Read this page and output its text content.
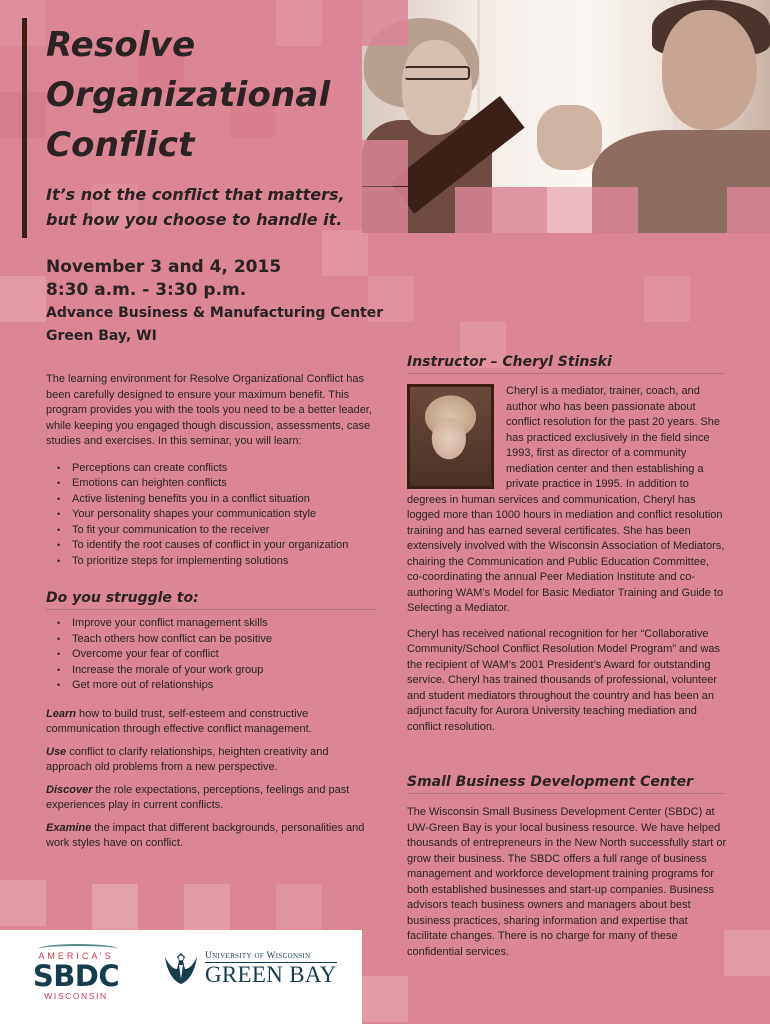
Resolve
Organizational
Conflict
It’s not the conflict that matters,
but how you choose to handle it.
November 3 and 4, 2015
8:30 a.m. - 3:30 p.m.
Advance Business & Manufacturing Center
Green Bay, WI

The learning environment for Resolve Organizational Conflict has been carefully designed to ensure your maximum benefit. This program provides you with the tools you need to be a better leader, while keeping you engaged though discussion, assessments, case studies and exercises. In this seminar, you will learn:

• Perceptions can create conflicts
• Emotions can heighten conflicts
• Active listening benefits you in a conflict situation
• Your personality shapes your communication style
• To fit your communication to the receiver
• To identify the root causes of conflict in your organization
• To prioritize steps for implementing solutions
Do you struggle to:
• Improve your conflict management skills
• Teach others how conflict can be positive
• Overcome your fear of conflict
• Increase the morale of your work group
• Get more out of relationships

Learn how to build trust, self-esteem and constructive communication through effective conflict management.

Use conflict to clarify relationships, heighten creativity and approach old problems from a new perspective.

Discover the role expectations, perceptions, feelings and past experiences play in current conflicts.

Examine the impact that different backgrounds, personalities and work styles have on conflict.

AMERICA’S
SBDC
WISCONSIN
University of Wisconsin
GREEN BAY
Instructor – Cheryl Stinski

Cheryl is a mediator, trainer, coach, and author who has been passionate about conflict resolution for the past 20 years. She has practiced exclusively in the field since 1993, first as director of a community mediation center and then establishing a private practice in 1995. In addition to degrees in human services and communication, Cheryl has logged more than 1000 hours in mediation and conflict resolution training and has earned several certificates. She has been extensively involved with the Wisconsin Association of Mediators, chairing the Communication and Public Education Committee, co-coordinating the annual Peer Mediation Institute and co-authoring WAM’s Model for Basic Mediator Training and Guide to Selecting a Mediator.

Cheryl has received national recognition for her “Collaborative Community/School Conflict Resolution Model Program” and was the recipient of WAM’s 2001 President’s Award for outstanding service. Cheryl has trained thousands of professional, volunteer and student mediators throughout the country and has been an adjunct faculty for Aurora University teaching mediation and conflict resolution.

Small Business Development Center

The Wisconsin Small Business Development Center (SBDC) at UW-Green Bay is your local business resource. We have helped thousands of entrepreneurs in the New North successfully start or grow their business. The SBDC offers a full range of business management and workforce development training programs for both established businesses and start-up companies. Business advisors teach business owners and managers about best business practices, sharing information and expertise that facilitate changes. There is no charge for many of these confidential services.
